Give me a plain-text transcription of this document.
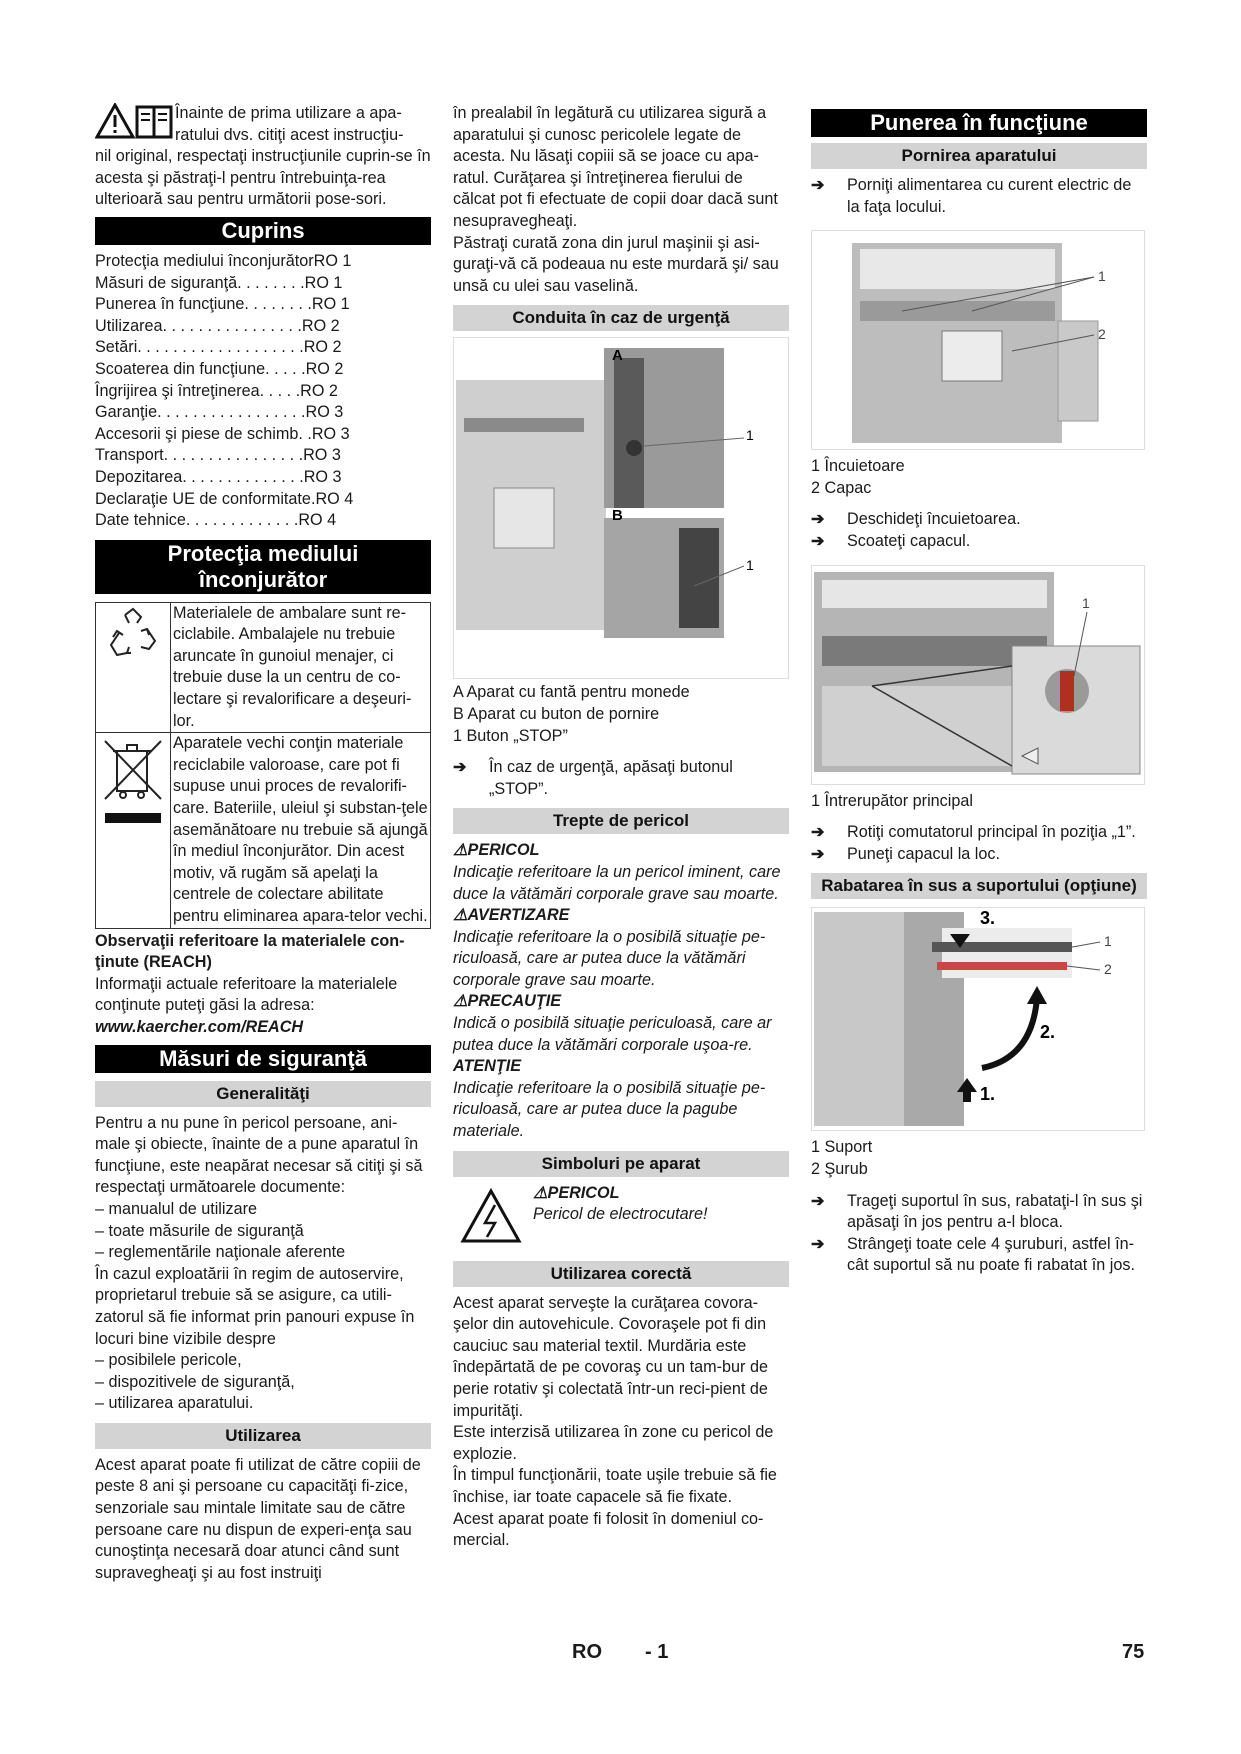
Înainte de prima utilizare a apa-

ratului dvs. citiţi acest instrucţiu-

nil original, respectaţi instrucţiunile cuprin-se în acesta şi păstraţi-l pentru întrebuinţa-rea ulterioară sau pentru următorii pose-sori.

Cuprins
Protecţia mediului înconjurător RO 1
Măsuri de siguranţă . . . . . . . . RO 1
Punerea în funcţiune . . . . . . . . RO 1
Utilizarea . . . . . . . . . . . . . . . . RO 2
Setări . . . . . . . . . . . . . . . . . . . RO 2
Scoaterea din funcţiune . . . . . RO 2
Îngrijirea şi întreţinerea . . . . . RO 2
Garanţie . . . . . . . . . . . . . . . . . RO 3
Accesorii şi piese de schimb . . RO 3
Transport . . . . . . . . . . . . . . . . RO 3
Depozitarea . . . . . . . . . . . . . . RO 3
Declaraţie UE de conformitate . RO 4
Date tehnice . . . . . . . . . . . . . RO 4
Protecţia mediului
înconjurător
	Materialele de ambalare sunt re-ciclabile. Ambalajele nu trebuie aruncate în gunoiul menajer, ci trebuie duse la un centru de co-lectare şi revalorificare a deşeuri-lor.
	Aparatele vechi conţin materiale reciclabile valoroase, care pot fi supuse unui proces de revalorifi-care. Bateriile, uleiul şi substan-ţele asemănătoare nu trebuie să ajungă în mediul înconjurător. Din acest motiv, vă rugăm să apelaţi la centrele de colectare abilitate pentru eliminarea apara-telor vechi.

Observaţii referitoare la materialele con-ţinute (REACH)

Informaţii actuale referitoare la materialele conţinute puteţi găsi la adresa:

www.kaercher.com/REACH

Măsuri de siguranţă
Generalităţi

Pentru a nu pune în pericol persoane, ani-male şi obiecte, înainte de a pune aparatul în funcţiune, este neapărat necesar să citiţi şi să respectaţi următoarele documente:

– manualul de utilizare

– toate măsurile de siguranţă

– reglementările naţionale aferente

În cazul exploatării în regim de autoservire, proprietarul trebuie să se asigure, ca utili-zatorul să fie informat prin panouri expuse în locuri bine vizibile despre

– posibilele pericole,

– dispozitivele de siguranţă,

– utilizarea aparatului.

Utilizarea

Acest aparat poate fi utilizat de către copiii de peste 8 ani şi persoane cu capacităţi fi-zice, senzoriale sau mintale limitate sau de către persoane care nu dispun de experi-enţa sau cunoştinţa necesară doar atunci când sunt supravegheaţi şi au fost instruiţi

în prealabil în legătură cu utilizarea sigură a aparatului şi cunosc pericolele legate de acesta. Nu lăsaţi copiii să se joace cu apa-ratul. Curăţarea şi întreţinerea fierului de călcat pot fi efectuate de copii doar dacă sunt nesupravegheaţi.

Păstraţi curată zona din jurul maşinii şi asi-guraţi-vă că podeaua nu este murdară şi/ sau unsă cu ulei sau vaselină.

Conduita în caz de urgenţă
A
B
1
1

A Aparat cu fantă pentru monede

B Aparat cu buton de pornire

1 Buton „STOP”

➔	În caz de urgenţă, apăsaţi butonul „STOP”.
Trepte de pericol

⚠PERICOL

Indicaţie referitoare la un pericol iminent, care duce la vătămări corporale grave sau moarte.

⚠AVERTIZARE

Indicaţie referitoare la o posibilă situaţie pe-riculoasă, care ar putea duce la vătămări corporale grave sau moarte.

⚠PRECAUŢIE

Indică o posibilă situaţie periculoasă, care ar putea duce la vătămări corporale uşoa-re.

ATENŢIE

Indicaţie referitoare la o posibilă situaţie pe-riculoasă, care ar putea duce la pagube materiale.

Simboluri pe aparat

⚠PERICOL

Pericol de electrocutare!

Utilizarea corectă

Acest aparat serveşte la curăţarea covora-şelor din autovehicule. Covoraşele pot fi din cauciuc sau material textil. Murdăria este îndepărtată de pe covoraş cu un tam-bur de perie rotativ şi colectată într-un reci-pient de impurităţi.

Este interzisă utilizarea în zone cu pericol de explozie.

În timpul funcţionării, toate uşile trebuie să fie închise, iar toate capacele să fie fixate.

Acest aparat poate fi folosit în domeniul co-mercial.

Punerea în funcţiune
Pornirea aparatului
➔	Porniţi alimentarea cu curent electric de la faţa locului.
1
2

1 Încuietoare

2 Capac

➔	Deschideţi încuietoarea.
➔	Scoateţi capacul.
1

1 Întrerupător principal

➔	Rotiţi comutatorul principal în poziţia „1”.
➔	Puneţi capacul la loc.
Rabatarea în sus a suportului (opţiune)
3.
2.
1.
1
2

1 Suport

2 Şurub

➔	Trageţi suportul în sus, rabataţi-l în sus şi apăsaţi în jos pentru a-l bloca.
➔	Strângeţi toate cele 4 şuruburi, astfel în-cât suportul să nu poate fi rabatat în jos.
RO - 1	75
